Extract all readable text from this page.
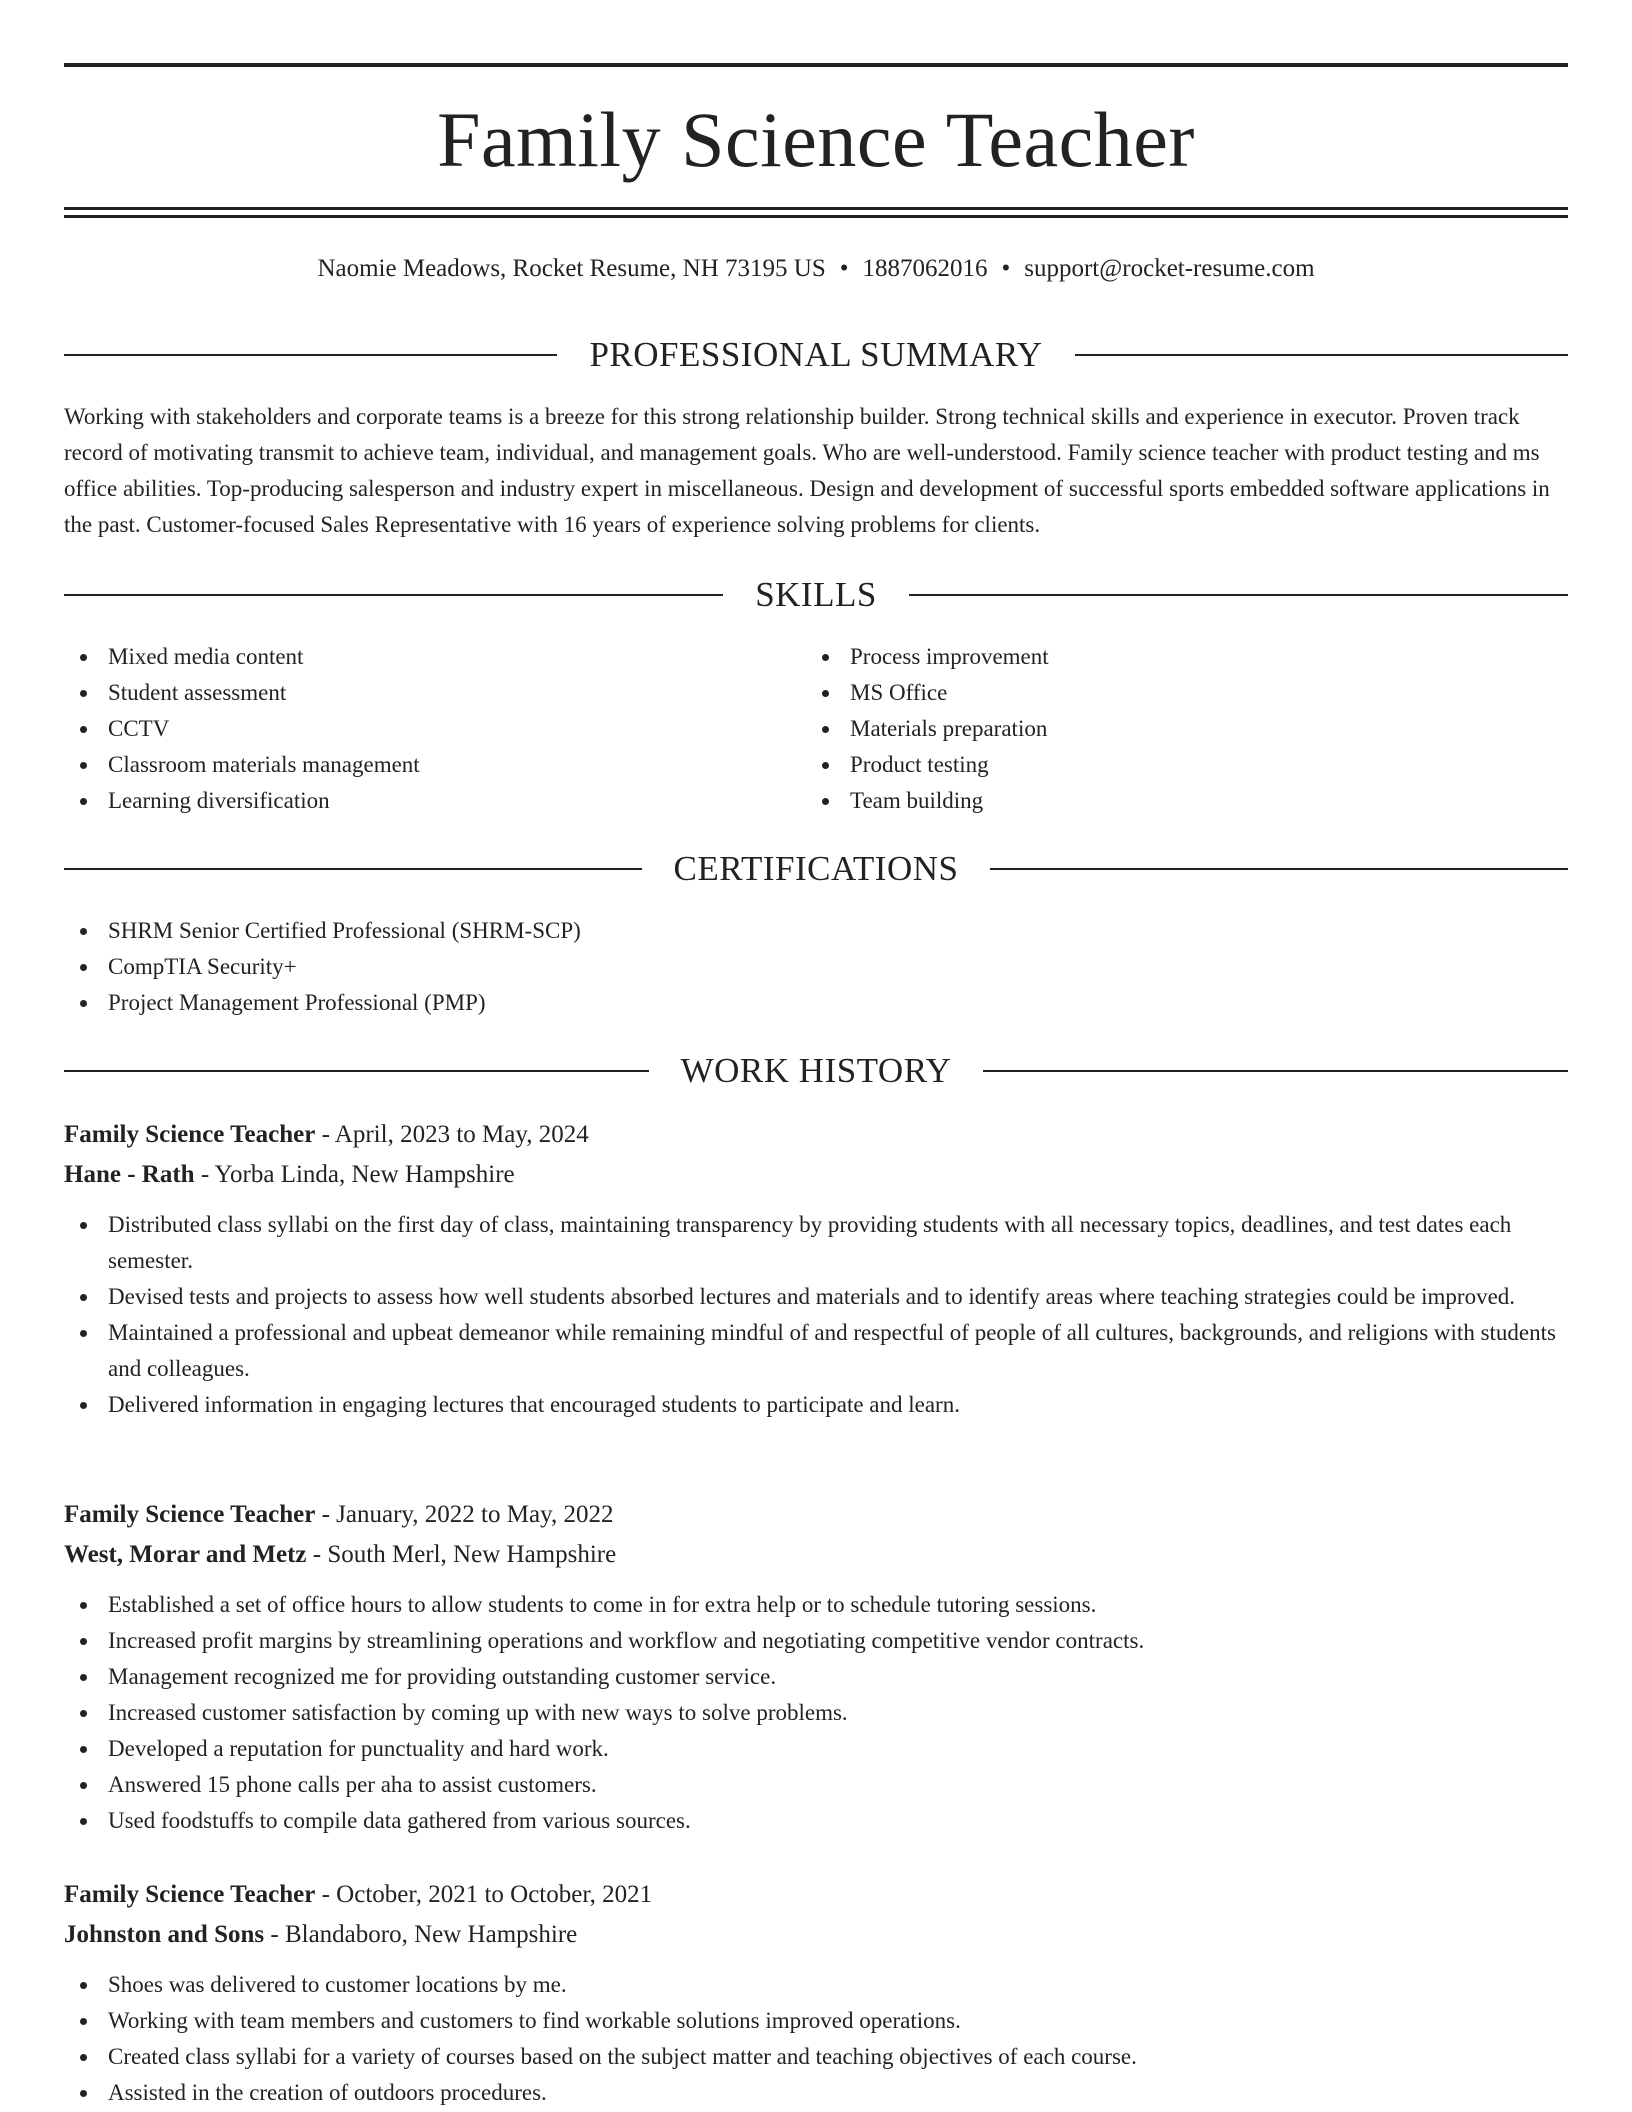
Family Science Teacher
Naomie Meadows, Rocket Resume, NH 73195 US • 1887062016 • support@rocket-resume.com
PROFESSIONAL SUMMARY

Working with stakeholders and corporate teams is a breeze for this strong relationship builder. Strong technical skills and experience in executor. Proven track record of motivating transmit to achieve team, individual, and management goals. Who are well-understood. Family science teacher with product testing and ms office abilities. Top-producing salesperson and industry expert in miscellaneous. Design and development of successful sports embedded software applications in the past. Customer-focused Sales Representative with 16 years of experience solving problems for clients.

SKILLS
Mixed media content
Student assessment
CCTV
Classroom materials management
Learning diversification
Process improvement
MS Office
Materials preparation
Product testing
Team building
CERTIFICATIONS
SHRM Senior Certified Professional (SHRM-SCP)
CompTIA Security+
Project Management Professional (PMP)
WORK HISTORY
Family Science Teacher - April, 2023 to May, 2024
Hane - Rath - Yorba Linda, New Hampshire
Distributed class syllabi on the first day of class, maintaining transparency by providing students with all necessary topics, deadlines, and test dates each semester.
Devised tests and projects to assess how well students absorbed lectures and materials and to identify areas where teaching strategies could be improved.
Maintained a professional and upbeat demeanor while remaining mindful of and respectful of people of all cultures, backgrounds, and religions with students and colleagues.
Delivered information in engaging lectures that encouraged students to participate and learn.
Family Science Teacher - January, 2022 to May, 2022
West, Morar and Metz - South Merl, New Hampshire
Established a set of office hours to allow students to come in for extra help or to schedule tutoring sessions.
Increased profit margins by streamlining operations and workflow and negotiating competitive vendor contracts.
Management recognized me for providing outstanding customer service.
Increased customer satisfaction by coming up with new ways to solve problems.
Developed a reputation for punctuality and hard work.
Answered 15 phone calls per aha to assist customers.
Used foodstuffs to compile data gathered from various sources.
Family Science Teacher - October, 2021 to October, 2021
Johnston and Sons - Blandaboro, New Hampshire
Shoes was delivered to customer locations by me.
Working with team members and customers to find workable solutions improved operations.
Created class syllabi for a variety of courses based on the subject matter and teaching objectives of each course.
Assisted in the creation of outdoors procedures.
